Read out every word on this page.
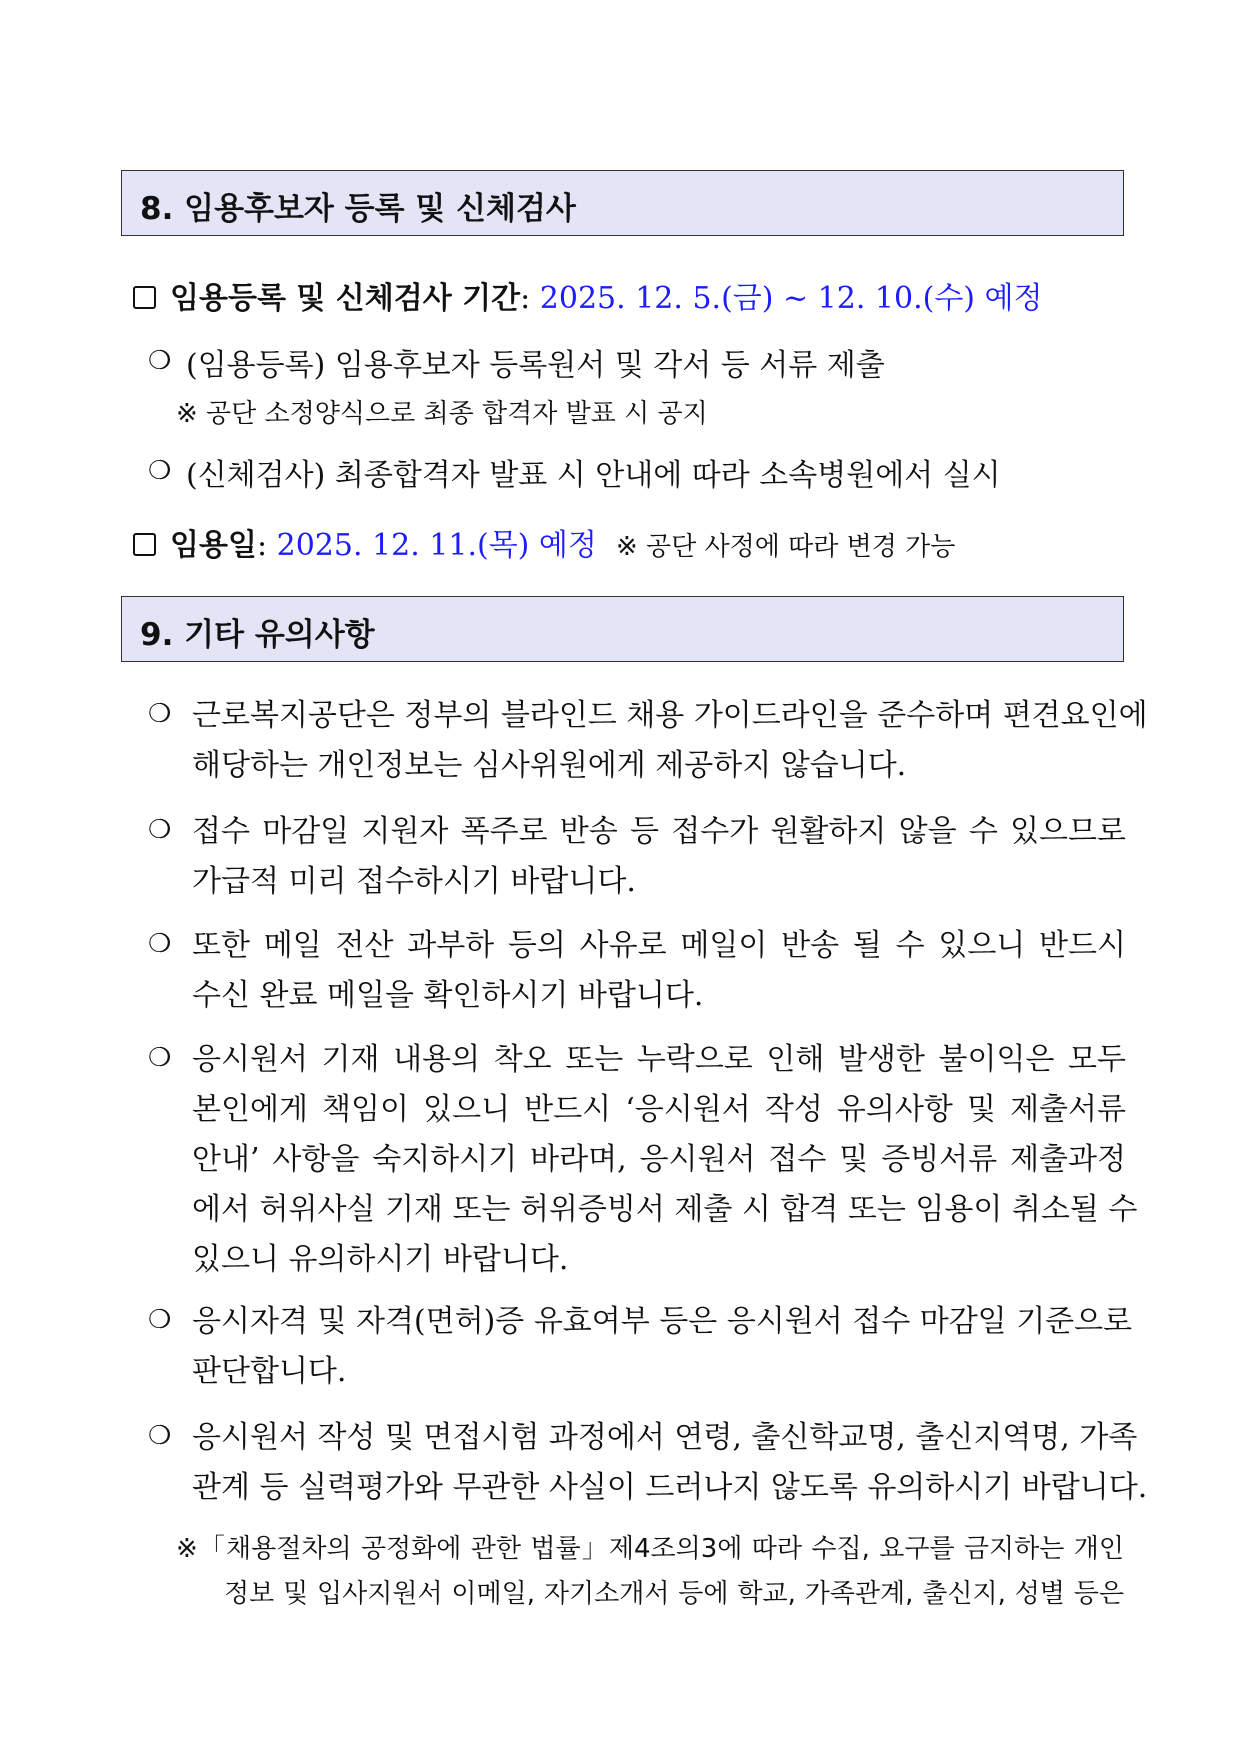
8. 임용후보자 등록 및 신체검사
임용등록 및 신체검사 기간: 2025. 12. 5.(금) ~ 12. 10.(수) 예정
❍ (임용등록) 임용후보자 등록원서 및 각서 등 서류 제출
※ 공단 소정양식으로 최종 합격자 발표 시 공지
❍ (신체검사) 최종합격자 발표 시 안내에 따라 소속병원에서 실시
임용일: 2025. 12. 11.(목) 예정 ※ 공단 사정에 따라 변경 가능
9. 기타 유의사항
❍ 근로복지공단은 정부의 블라인드 채용 가이드라인을 준수하며 편견요인에
해당하는 개인정보는 심사위원에게 제공하지 않습니다.
❍ 접수 마감일 지원자 폭주로 반송 등 접수가 원활하지 않을 수 있으므로
가급적 미리 접수하시기 바랍니다.
❍ 또한 메일 전산 과부하 등의 사유로 메일이 반송 될 수 있으니 반드시
수신 완료 메일을 확인하시기 바랍니다.
❍ 응시원서 기재 내용의 착오 또는 누락으로 인해 발생한 불이익은 모두
본인에게 책임이 있으니 반드시 ‘응시원서 작성 유의사항 및 제출서류
안내’ 사항을 숙지하시기 바라며, 응시원서 접수 및 증빙서류 제출과정
에서 허위사실 기재 또는 허위증빙서 제출 시 합격 또는 임용이 취소될 수
있으니 유의하시기 바랍니다.
❍ 응시자격 및 자격(면허)증 유효여부 등은 응시원서 접수 마감일 기준으로
판단합니다.
❍ 응시원서 작성 및 면접시험 과정에서 연령, 출신학교명, 출신지역명, 가족
관계 등 실력평가와 무관한 사실이 드러나지 않도록 유의하시기 바랍니다.
※「채용절차의 공정화에 관한 법률」제4조의3에 따라 수집, 요구를 금지하는 개인
정보 및 입사지원서 이메일, 자기소개서 등에 학교, 가족관계, 출신지, 성별 등은
